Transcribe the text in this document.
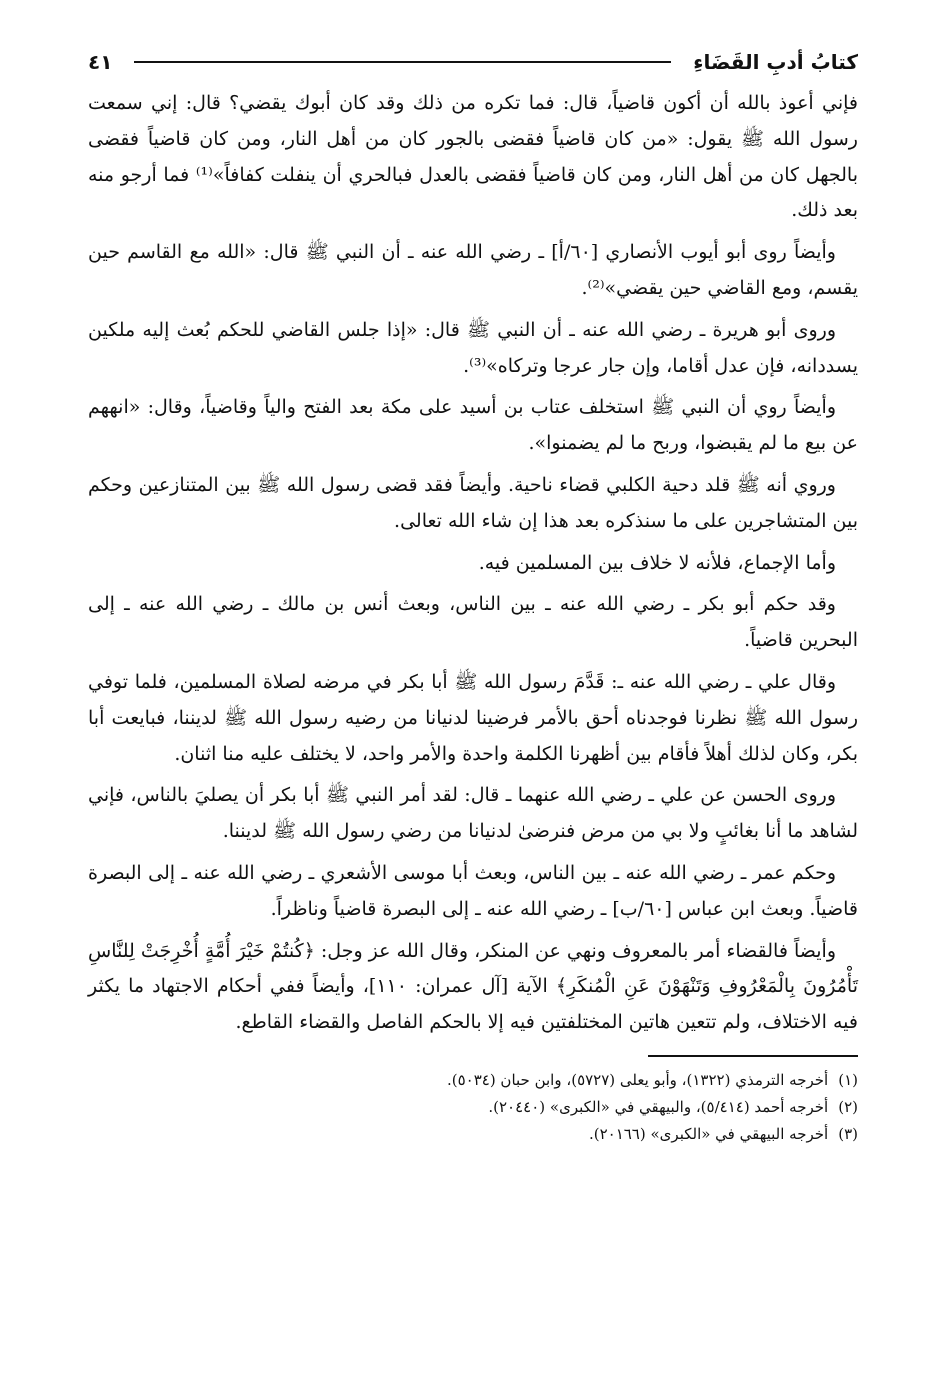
كتابُ أدبِ القَضَاءِ
٤١

فإني أعوذ بالله أن أكون قاضياً، قال: فما تكره من ذلك وقد كان أبوك يقضي؟ قال: إني سمعت رسول الله ﷺ يقول: «من كان قاضياً فقضى بالجور كان من أهل النار، ومن كان قاضياً فقضى بالجهل كان من أهل النار، ومن كان قاضياً فقضى بالعدل فبالحري أن ينفلت كفافاً»⁽¹⁾ فما أرجو منه بعد ذلك.

وأيضاً روى أبو أيوب الأنصاري [٦٠/أ] ـ رضي الله عنه ـ أن النبي ﷺ قال: «الله مع القاسم حين يقسم، ومع القاضي حين يقضي»⁽²⁾.

وروى أبو هريرة ـ رضي الله عنه ـ أن النبي ﷺ قال: «إذا جلس القاضي للحكم بُعث إليه ملكين يسددانه، فإن عدل أقاما، وإن جار عرجا وتركاه»⁽³⁾.

وأيضاً روي أن النبي ﷺ استخلف عتاب بن أسيد على مكة بعد الفتح والياً وقاضياً، وقال: «انههم عن بيع ما لم يقبضوا، وربح ما لم يضمنوا».

وروي أنه ﷺ قلد دحية الكلبي قضاء ناحية. وأيضاً فقد قضى رسول الله ﷺ بين المتنازعين وحكم بين المتشاجرين على ما سنذكره بعد هذا إن شاء الله تعالى.

وأما الإجماع، فلأنه لا خلاف بين المسلمين فيه.

وقد حكم أبو بكر ـ رضي الله عنه ـ بين الناس، وبعث أنس بن مالك ـ رضي الله عنه ـ إلى البحرين قاضياً.

وقال علي ـ رضي الله عنه ـ: قَدَّمَ رسول الله ﷺ أبا بكر في مرضه لصلاة المسلمين، فلما توفي رسول الله ﷺ نظرنا فوجدناه أحق بالأمر فرضينا لدنيانا من رضيه رسول الله ﷺ لديننا، فبايعت أبا بكر، وكان لذلك أهلاً فأقام بين أظهرنا الكلمة واحدة والأمر واحد، لا يختلف عليه منا اثنان.

وروى الحسن عن علي ـ رضي الله عنهما ـ قال: لقد أمر النبي ﷺ أبا بكر أن يصليَ بالناس، فإني لشاهد ما أنا بغائبٍ ولا بي من مرض فنرضىٰ لدنيانا من رضي رسول الله ﷺ لديننا.

وحكم عمر ـ رضي الله عنه ـ بين الناس، وبعث أبا موسى الأشعري ـ رضي الله عنه ـ إلى البصرة قاضياً. وبعث ابن عباس [٦٠/ب] ـ رضي الله عنه ـ إلى البصرة قاضياً وناظراً.

وأيضاً فالقضاء أمر بالمعروف ونهي عن المنكر، وقال الله عز وجل: ﴿كُنتُمْ خَيْرَ أُمَّةٍ أُخْرِجَتْ لِلنَّاسِ تَأْمُرُونَ بِالْمَعْرُوفِ وَتَنْهَوْنَ عَنِ الْمُنكَرِ﴾ الآية [آل عمران: ١١٠]، وأيضاً ففي أحكام الاجتهاد ما يكثر فيه الاختلاف، ولم تتعين هاتين المختلفتين فيه إلا بالحكم الفاصل والقضاء القاطع.

(١)
أخرجه الترمذي (١٣٢٢)، وأبو يعلى (٥٧٢٧)، وابن حبان (٥٠٣٤).
(٢)
أخرجه أحمد (٥/٤١٤)، والبيهقي في «الكبرى» (٢٠٤٤٠).
(٣)
أخرجه البيهقي في «الكبرى» (٢٠١٦٦).
